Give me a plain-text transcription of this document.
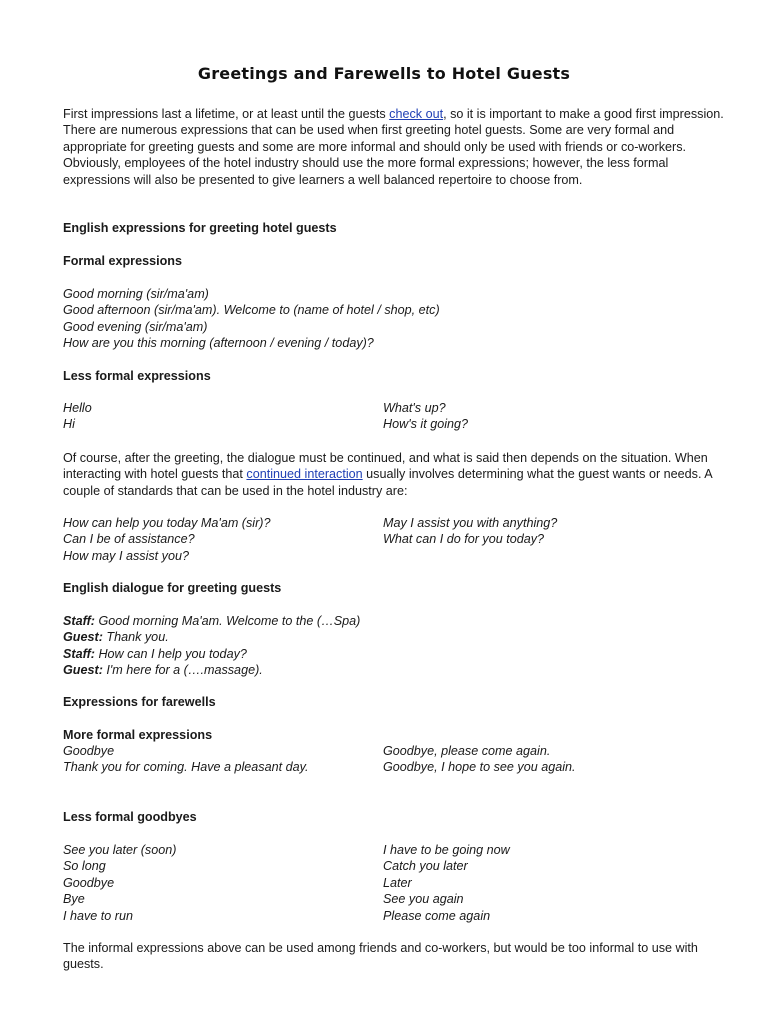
Greetings and Farewells to Hotel Guests

First impressions last a lifetime, or at least until the guests check out, so it is important to make a good first impression. There are numerous expressions that can be used when first greeting hotel guests. Some are very formal and appropriate for greeting guests and some are more informal and should only be used with friends or co-workers. Obviously, employees of the hotel industry should use the more formal expressions; however, the less formal expressions will also be presented to give learners a well balanced repertoire to choose from.

English expressions for greeting hotel guests
Formal expressions
Good morning (sir/ma'am)
Good afternoon (sir/ma'am). Welcome to (name of hotel / shop, etc)
Good evening (sir/ma'am)
How are you this morning (afternoon / evening / today)?
Less formal expressions
Hello	What's up?
Hi	How's it going?

Of course, after the greeting, the dialogue must be continued, and what is said then depends on the situation. When interacting with hotel guests that continued interaction usually involves determining what the guest wants or needs. A couple of standards that can be used in the hotel industry are:

How can help you today Ma'am (sir)?	May I assist you with anything?
Can I be of assistance?	What can I do for you today?
How may I assist you?
English dialogue for greeting guests
Staff: Good morning Ma'am. Welcome to the (…Spa)
Guest: Thank you.
Staff: How can I help you today?
Guest: I'm here for a (….massage).
Expressions for farewells
More formal expressions
Goodbye	Goodbye, please come again.
Thank you for coming. Have a pleasant day.	Goodbye, I hope to see you again.
Less formal goodbyes
See you later (soon)	I have to be going now
So long	Catch you later
Goodbye	Later
Bye	See you again
I have to run	Please come again
The informal expressions above can be used among friends and co-workers, but would be too informal to use with guests.
